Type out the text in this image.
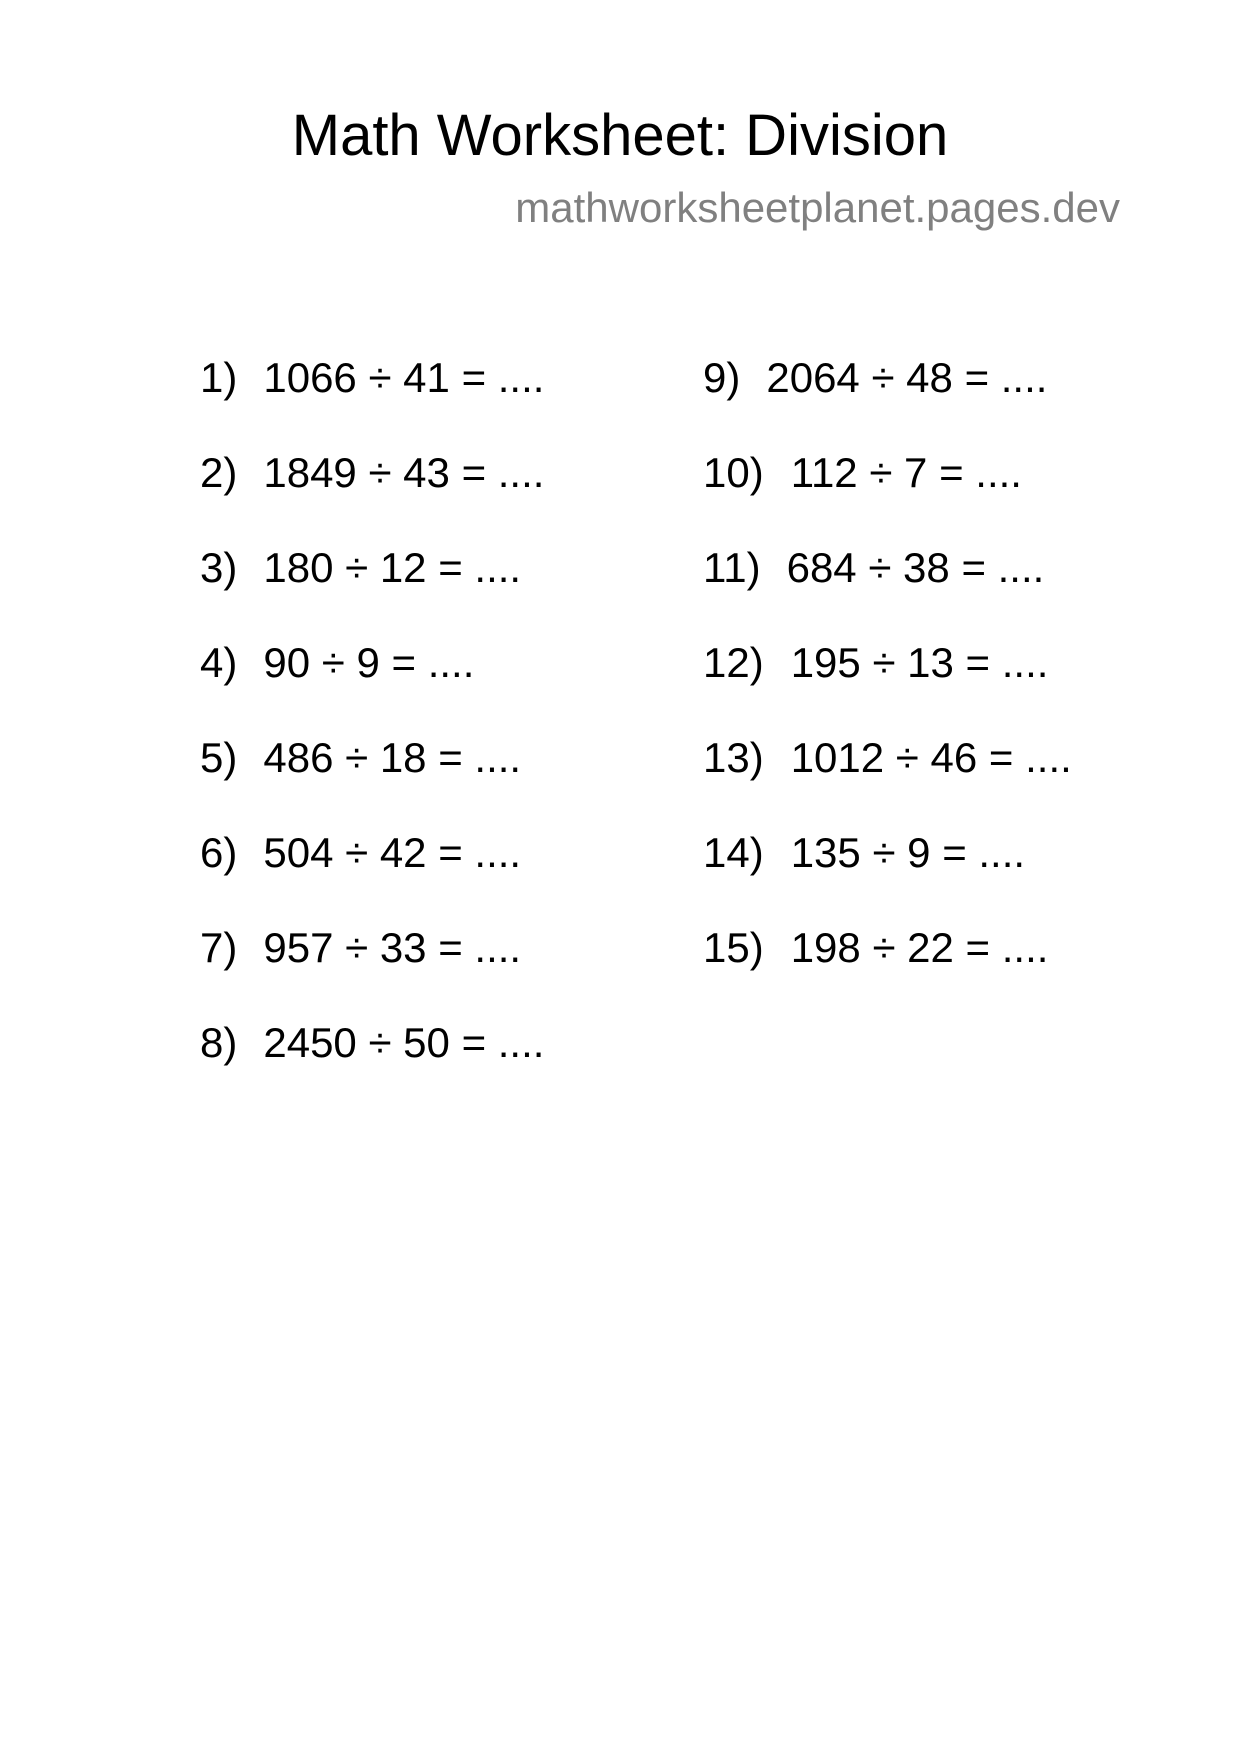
Math Worksheet: Division
mathworksheetplanet.pages.dev
1) 1066 ÷ 41 = ....
2) 1849 ÷ 43 = ....
3) 180 ÷ 12 = ....
4) 90 ÷ 9 = ....
5) 486 ÷ 18 = ....
6) 504 ÷ 42 = ....
7) 957 ÷ 33 = ....
8) 2450 ÷ 50 = ....
9) 2064 ÷ 48 = ....
10) 112 ÷ 7 = ....
11) 684 ÷ 38 = ....
12) 195 ÷ 13 = ....
13) 1012 ÷ 46 = ....
14) 135 ÷ 9 = ....
15) 198 ÷ 22 = ....
